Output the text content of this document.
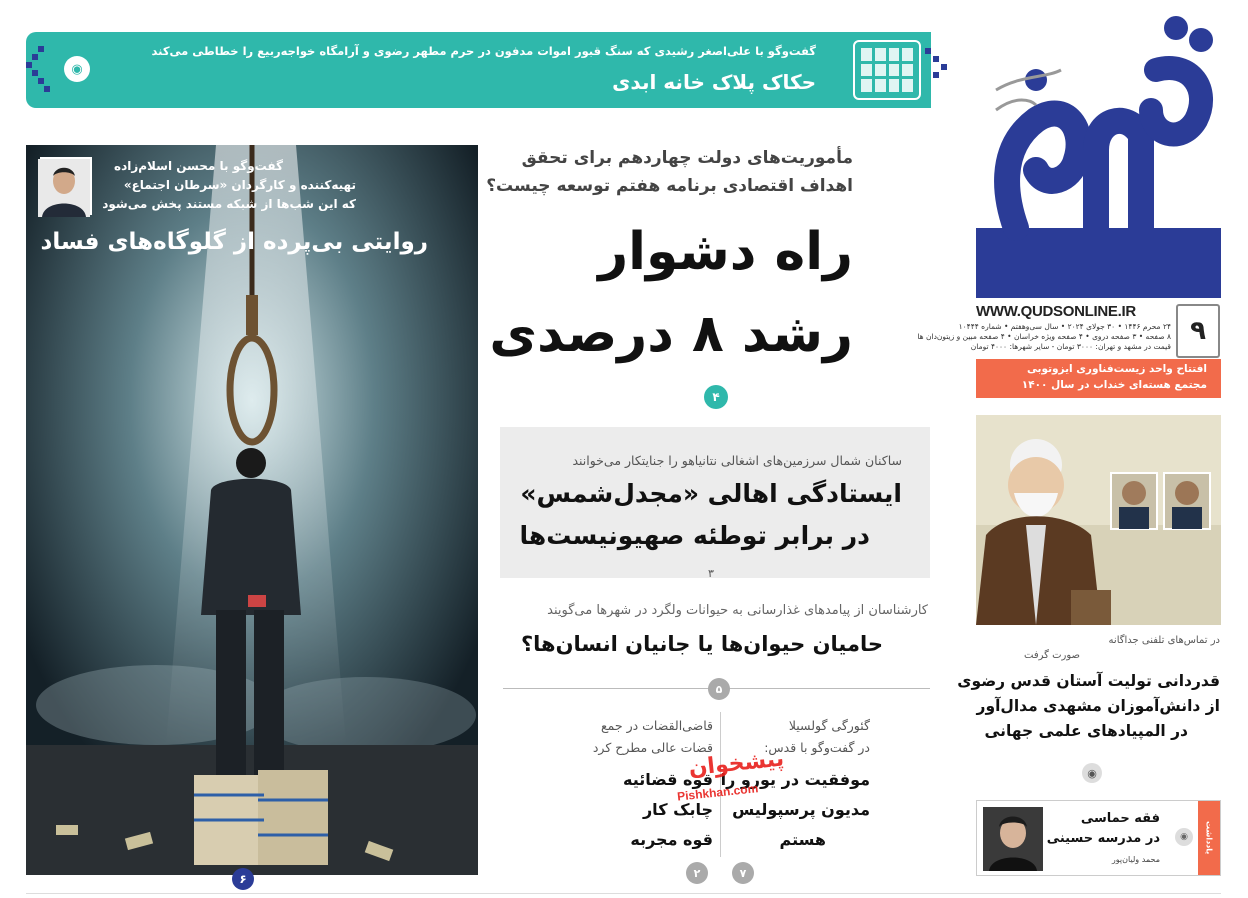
◉
گفت‌وگو با علی‌اصغر رشیدی که سنگ قبور اموات مدفون در حرم مطهر رضوی و آرامگاه خواجه‌ربیع را خطاطی می‌کند
حکاک پلاک خانه ابدی
WWW.QUDSONLINE.IR
۲۴ محرم ۱۴۴۶ • ۳۰ جولای ۲۰۲۴ • سال سی‌وهفتم • شماره ۱۰۴۴۴
۸ صفحه • ۳ صفحه دروی • ۴ صفحه ویژه خراسان • ۴ صفحه مبین و زیتون‌دان ها
قیمت در مشهد و تهران: ۳۰۰۰ تومان - سایر شهرها: ۴۰۰۰ تومان
۹
افتتاح واحد زیست‌فناوری ایزوتوبی
مجتمع هسته‌ای خنداب در سال ۱۴۰۰
در تماس‌های تلفنی جداگانه
صورت گرفت
قدردانی تولیت آستان قدس رضوی
از دانش‌آموزان مشهدی مدال‌آور
در المپیادهای علمی جهانی
◉
یادداشت
◉
فقه حماسی
در مدرسه حسینی
محمد ولیان‌پور
مأموریت‌های دولت چهاردهم برای تحقق
اهداف اقتصادی برنامه هفتم توسعه چیست؟
راه دشوار
رشد ۸ درصدی
۴
ساکنان شمال سرزمین‌های اشغالی نتانیاهو را جنایتکار می‌خوانند
ایستادگی اهالی «مجدل‌شمس»
در برابر توطئه صهیونیست‌ها
۳
کارشناسان از پیامدهای غذارسانی به حیوانات ولگرد در شهرها می‌گویند
حامیان حیوان‌ها یا جانیان انسان‌ها؟
۵
گئورگی گولسیلا
در گفت‌وگو با قدس:
موفقیت در یورو را
مدیون پرسپولیس
هستم
۷
قاضی‌القضات در جمع
قضات عالی مطرح کرد
قوه قضائیه
چابک کار
قوه مجربه
۲
پیشخوان
Pishkhan.com
گفت‌وگو با محسن اسلام‌زاده
تهیه‌کننده و کارگردان «سرطان اجتماع»
که این شب‌ها از شبکه مستند پخش می‌شود
روایتی بی‌پرده از گلوگاه‌های فساد
۶
